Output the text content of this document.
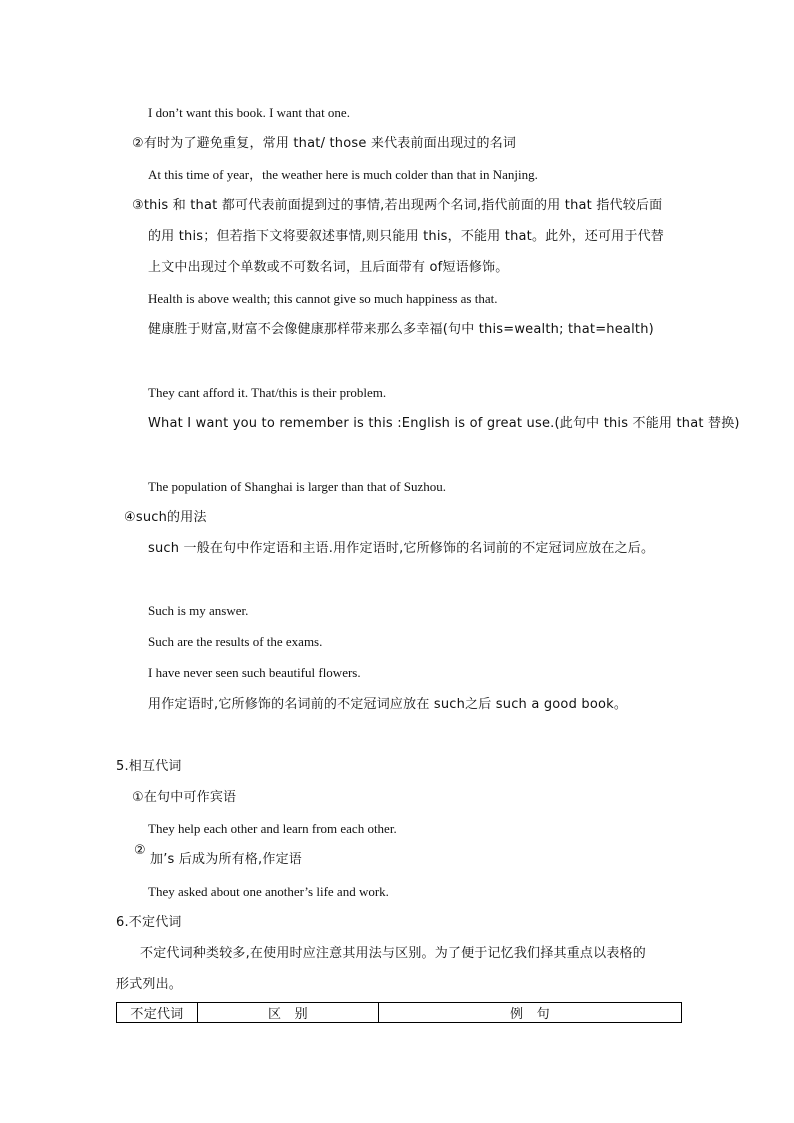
I don’t want this book. I want that one.
②有时为了避免重复，常用 that/ those 来代表前面出现过的名词
At this time of year，the weather here is much colder than that in Nanjing.
③this 和 that 都可代表前面提到过的事情,若出现两个名词,指代前面的用 that 指代较后面
的用 this；但若指下文将要叙述事情,则只能用 this，不能用 that。此外，还可用于代替
上文中出现过个单数或不可数名词，且后面带有 of短语修饰。
Health is above wealth; this cannot give so much happiness as that.
健康胜于财富,财富不会像健康那样带来那么多幸福(句中 this=wealth; that=health)
They cant afford it. That/this is their problem.
What I want you to remember is this :English is of great use.(此句中 this 不能用 that 替换)
The population of Shanghai is larger than that of Suzhou.
④such的用法
such 一般在句中作定语和主语.用作定语时,它所修饰的名词前的不定冠词应放在之后。
Such is my answer.
Such are the results of the exams.
I have never seen such beautiful flowers.
用作定语时,它所修饰的名词前的不定冠词应放在 such之后 such a good book。
5.相互代词
①在句中可作宾语
They help each other and learn from each other.
②
加’s 后成为所有格,作定语
They asked about one another’s life and work.
6.不定代词
不定代词种类较多,在使用时应注意其用法与区别。为了便于记忆我们择其重点以表格的
形式列出。
不定代词	区　别	例　句
